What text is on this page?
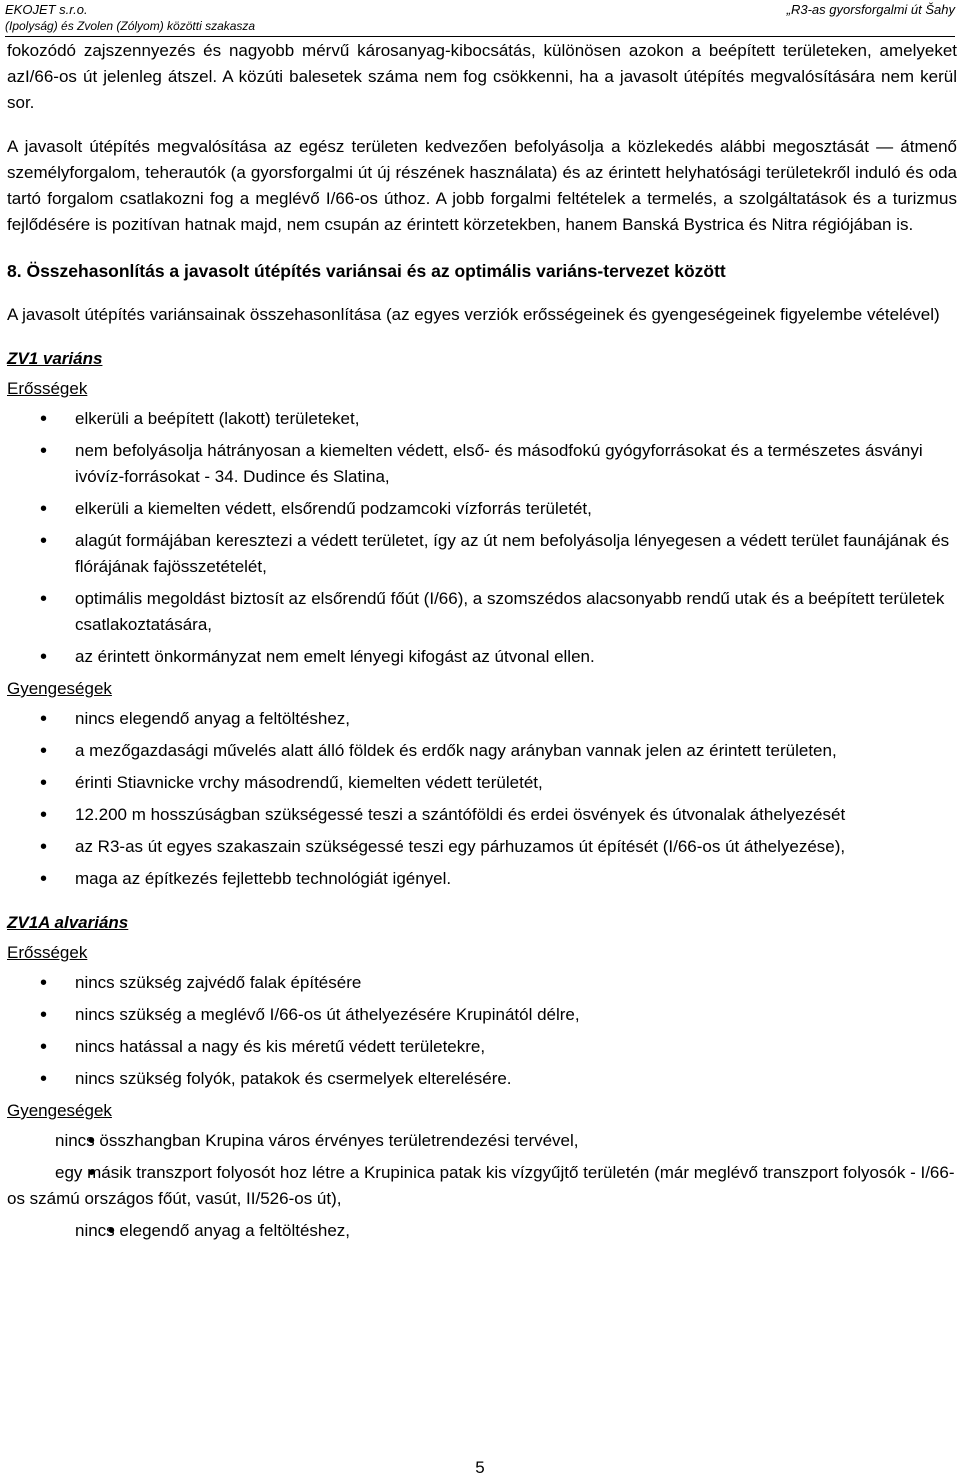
EKOJET s.r.o.
(Ipolyság) és Zvolen (Zólyom) közötti szakasza
„R3-as gyorsforgalmi út Šahy

fokozódó zajszennyezés és nagyobb mérvű károsanyag-kibocsátás, különösen azokon a beépített területeken, amelyeket azI/66-os út jelenleg átszel. A közúti balesetek száma nem fog csökkenni, ha a javasolt útépítés megvalósítására nem kerül sor.

A javasolt útépítés megvalósítása az egész területen kedvezően befolyásolja a közlekedés alábbi megosztását — átmenő személyforgalom, teherautók (a gyorsforgalmi út új részének használata) és az érintett helyhatósági területekről induló és oda tartó forgalom csatlakozni fog a meglévő I/66-os úthoz. A jobb forgalmi feltételek a termelés, a szolgáltatások és a turizmus fejlődésére is pozitívan hatnak majd, nem csupán az érintett körzetekben, hanem Banská Bystrica és Nitra régiójában is.

8. Összehasonlítás a javasolt útépítés variánsai és az optimális variáns-tervezet között

A javasolt útépítés variánsainak összehasonlítása (az egyes verziók erősségeinek és gyengeségeinek figyelembe vételével)

ZV1 variáns

Erősségek

• elkerüli a beépített (lakott) területeket,
• nem befolyásolja hátrányosan a kiemelten védett, első- és másodfokú gyógyforrásokat és a természetes ásványi ivóvíz-forrásokat - 34. Dudince és Slatina,
• elkerüli a kiemelten védett, elsőrendű podzamcoki vízforrás területét,
• alagút formájában keresztezi a védett területet, így az út nem befolyásolja lényegesen a védett terület faunájának és flórájának fajösszetételét,
• optimális megoldást biztosít az elsőrendű főút (I/66), a szomszédos alacsonyabb rendű utak és a beépített területek csatlakoztatására,
• az érintett önkormányzat nem emelt lényegi kifogást az útvonal ellen.

Gyengeségek

• nincs elegendő anyag a feltöltéshez,
• a mezőgazdasági művelés alatt álló földek és erdők nagy arányban vannak jelen az érintett területen,
• érinti Stiavnicke vrchy másodrendű, kiemelten védett területét,
• 12.200 m hosszúságban szükségessé teszi a szántóföldi és erdei ösvények és útvonalak áthelyezését
• az R3-as út egyes szakaszain szükségessé teszi egy párhuzamos út építését (I/66-os út áthelyezése),
• maga az építkezés fejlettebb technológiát igényel.

ZV1A alvariáns

Erősségek

• nincs szükség zajvédő falak építésére
• nincs szükség a meglévő I/66-os út áthelyezésére Krupinától délre,
• nincs hatással a nagy és kis méretű védett területekre,
• nincs szükség folyók, patakok és csermelyek elterelésére.

Gyengeségek

• nincs összhangban Krupina város érvényes területrendezési tervével,
• egy másik transzport folyosót hoz létre a Krupinica patak kis vízgyűjtő területén (már meglévő transzport folyosók - I/66-os számú országos főút, vasút, II/526-os út),
• nincs elegendő anyag a feltöltéshez,
5
